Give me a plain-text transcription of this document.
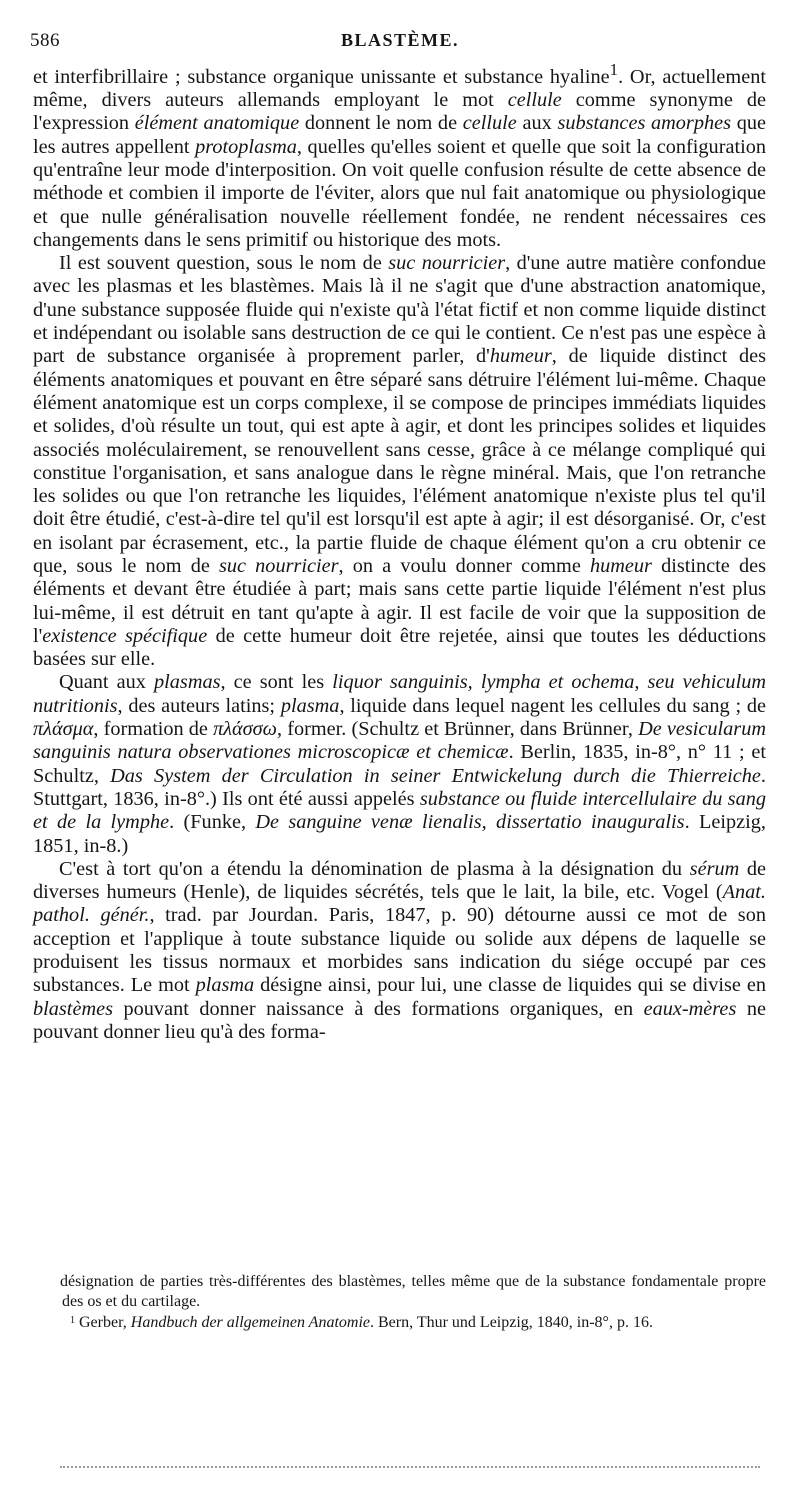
586	BLASTÈME.

et interfibrillaire ; substance organique unissante et substance hyaline$^1$. Or, actuellement même, divers auteurs allemands employant le mot cellule comme synonyme de l'expression élément anatomique donnent le nom de cellule aux substances amorphes que les autres appellent protoplasma, quelles qu'elles soient et quelle que soit la configuration qu'entraîne leur mode d'interposition. On voit quelle confusion résulte de cette absence de méthode et combien il importe de l'éviter, alors que nul fait anatomique ou physiologique et que nulle généralisation nouvelle réellement fondée, ne rendent nécessaires ces changements dans le sens primitif ou historique des mots.

Il est souvent question, sous le nom de suc nourricier, d'une autre matière confondue avec les plasmas et les blastèmes. Mais là il ne s'agit que d'une abstraction anatomique, d'une substance supposée fluide qui n'existe qu'à l'état fictif et non comme liquide distinct et indépendant ou isolable sans destruction de ce qui le contient. Ce n'est pas une espèce à part de substance organisée à proprement parler, d'humeur, de liquide distinct des éléments anatomiques et pouvant en être séparé sans détruire l'élément lui-même. Chaque élément anatomique est un corps complexe, il se compose de principes immédiats liquides et solides, d'où résulte un tout, qui est apte à agir, et dont les principes solides et liquides associés moléculairement, se renouvellent sans cesse, grâce à ce mélange compliqué qui constitue l'organisation, et sans analogue dans le règne minéral. Mais, que l'on retranche les solides ou que l'on retranche les liquides, l'élément anatomique n'existe plus tel qu'il doit être étudié, c'est-à-dire tel qu'il est lorsqu'il est apte à agir; il est désorganisé. Or, c'est en isolant par écrasement, etc., la partie fluide de chaque élément qu'on a cru obtenir ce que, sous le nom de suc nourricier, on a voulu donner comme humeur distincte des éléments et devant être étudiée à part; mais sans cette partie liquide l'élément n'est plus lui-même, il est détruit en tant qu'apte à agir. Il est facile de voir que la supposition de l'existence spécifique de cette humeur doit être rejetée, ainsi que toutes les déductions basées sur elle.

Quant aux plasmas, ce sont les liquor sanguinis, lympha et ochema, seu vehiculum nutritionis, des auteurs latins; plasma, liquide dans lequel nagent les cellules du sang ; de πλάσμα, formation de πλάσσω, former. (Schultz et Brünner, dans Brünner, De vesicularum sanguinis natura observationes microscopicæ et chemicæ. Berlin, 1835, in-8°, n° 11 ; et Schultz, Das System der Circulation in seiner Entwickelung durch die Thierreiche. Stuttgart, 1836, in-8°.) Ils ont été aussi appelés substance ou fluide intercellulaire du sang et de la lymphe. (Funke, De sanguine venæ lienalis, dissertatio inauguralis. Leipzig, 1851, in-8.)

C'est à tort qu'on a étendu la dénomination de plasma à la désignation du sérum de diverses humeurs (Henle), de liquides sécrétés, tels que le lait, la bile, etc. Vogel (Anat. pathol. génér., trad. par Jourdan. Paris, 1847, p. 90) détourne aussi ce mot de son acception et l'applique à toute substance liquide ou solide aux dépens de laquelle se produisent les tissus normaux et morbides sans indication du siége occupé par ces substances. Le mot plasma désigne ainsi, pour lui, une classe de liquides qui se divise en blastèmes pouvant donner naissance à des formations organiques, en eaux-mères ne pouvant donner lieu qu'à des forma-

désignation de parties très-différentes des blastèmes, telles même que de la substance fondamentale propre des os et du cartilage.

$^1$ Gerber, Handbuch der allgemeinen Anatomie. Bern, Thur und Leipzig, 1840, in-8°, p. 16.
